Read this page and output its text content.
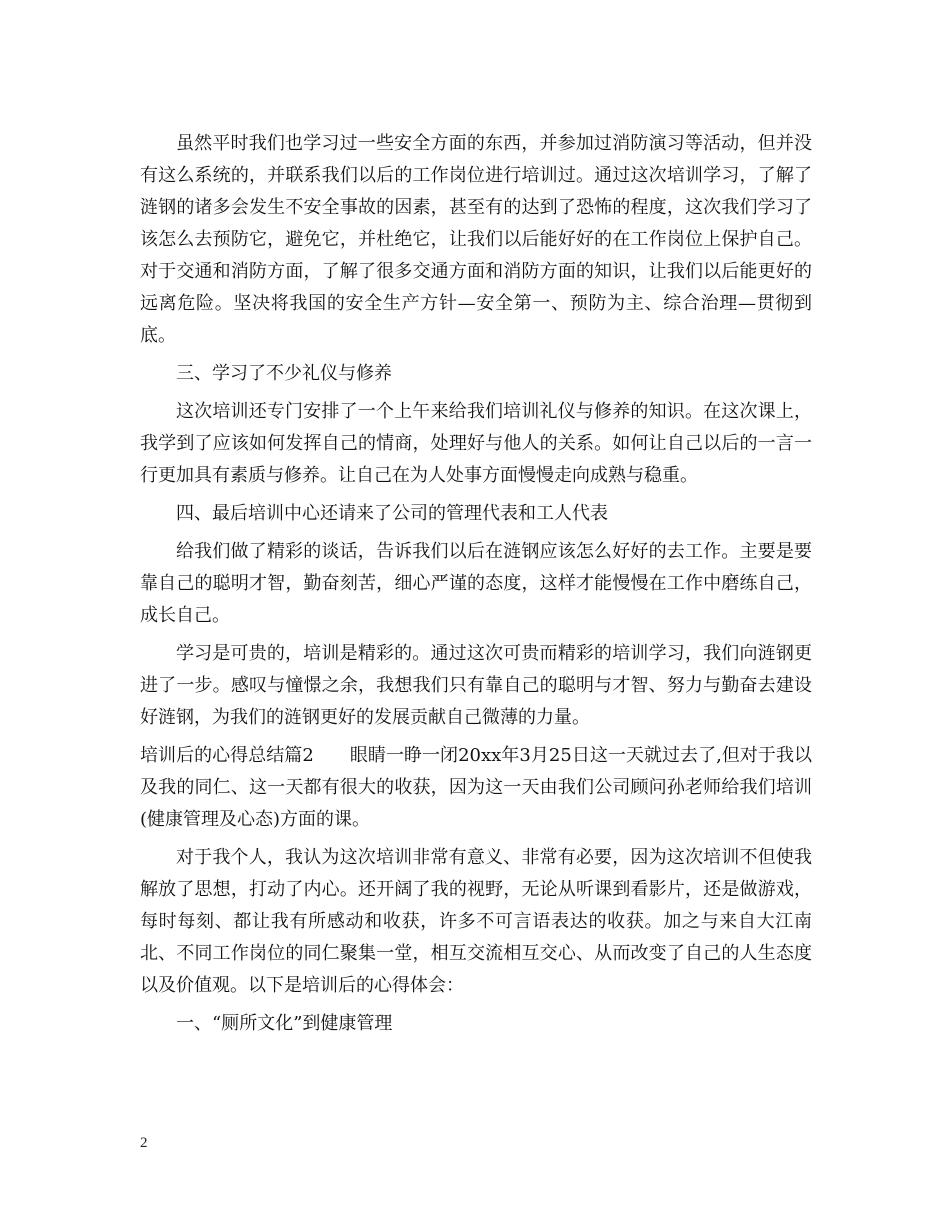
虽然平时我们也学习过一些安全方面的东西，并参加过消防演习等活动，但并没有这么系统的，并联系我们以后的工作岗位进行培训过。通过这次培训学习，了解了涟钢的诸多会发生不安全事故的因素，甚至有的达到了恐怖的程度，这次我们学习了该怎么去预防它，避免它，并杜绝它，让我们以后能好好的在工作岗位上保护自己。对于交通和消防方面，了解了很多交通方面和消防方面的知识，让我们以后能更好的远离危险。坚决将我国的安全生产方针—安全第一、预防为主、综合治理—贯彻到底。

三、学习了不少礼仪与修养

这次培训还专门安排了一个上午来给我们培训礼仪与修养的知识。在这次课上，我学到了应该如何发挥自己的情商，处理好与他人的关系。如何让自己以后的一言一行更加具有素质与修养。让自己在为人处事方面慢慢走向成熟与稳重。

四、最后培训中心还请来了公司的管理代表和工人代表

给我们做了精彩的谈话，告诉我们以后在涟钢应该怎么好好的去工作。主要是要靠自己的聪明才智，勤奋刻苦，细心严谨的态度，这样才能慢慢在工作中磨练自己，成长自己。

学习是可贵的，培训是精彩的。通过这次可贵而精彩的培训学习，我们向涟钢更进了一步。感叹与憧憬之余，我想我们只有靠自己的聪明与才智、努力与勤奋去建设好涟钢，为我们的涟钢更好的发展贡献自己微薄的力量。

培训后的心得总结篇2　　眼睛一睁一闭20xx年3月25日这一天就过去了,但对于我以及我的同仁、这一天都有很大的收获，因为这一天由我们公司顾问孙老师给我们培训(健康管理及心态)方面的课。

对于我个人，我认为这次培训非常有意义、非常有必要，因为这次培训不但使我解放了思想，打动了内心。还开阔了我的视野，无论从听课到看影片，还是做游戏，每时每刻、都让我有所感动和收获，许多不可言语表达的收获。加之与来自大江南北、不同工作岗位的同仁聚集一堂，相互交流相互交心、从而改变了自己的人生态度以及价值观。以下是培训后的心得体会：

一、“厕所文化”到健康管理

2
